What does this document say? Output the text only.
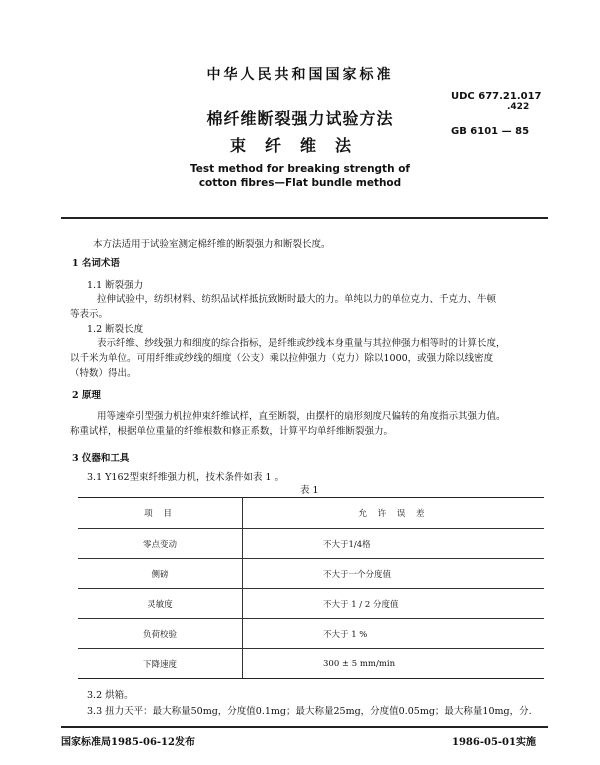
中华人民共和国国家标准
UDC 677.21.017
.422
GB 6101 — 85
棉纤维断裂强力试验方法
束纤维法
Test method for breaking strength of
cotton fibres—Flat bundle method
本方法适用于试验室测定棉纤维的断裂强力和断裂长度。
1 名词术语
1.1 断裂强力
拉伸试验中，纺织材料、纺织品试样抵抗致断时最大的力。单纯以力的单位克力、千克力、牛顿
等表示。
1.2 断裂长度
表示纤维、纱线强力和细度的综合指标，是纤维或纱线本身重量与其拉伸强力相等时的计算长度，
以千米为单位。可用纤维或纱线的细度（公支）乘以拉伸强力（克力）除以1000，或强力除以线密度
（特数）得出。
2 原理
用等速牵引型强力机拉伸束纤维试样，直至断裂，由摆杆的扇形刻度尺偏转的角度指示其强力值。
称重试样，根据单位重量的纤维根数和修正系数，计算平均单纤维断裂强力。
3 仪器和工具
3.1 Y162型束纤维强力机，技术条件如表 1 。
表 1
项 目	允 许 误 差
零点变动	不大于1/4格
侧磅	不大于一个分度值
灵敏度	不大于 1 / 2 分度值
负荷校验	不大于 1 %
下降速度	300 ± 5 mm/min
3.2 烘箱。
3.3 扭力天平：最大称量50mg，分度值0.1mg；最大称量25mg，分度值0.05mg；最大称量10mg，分.
国家标准局1985-06-12发布	1986-05-01实施
